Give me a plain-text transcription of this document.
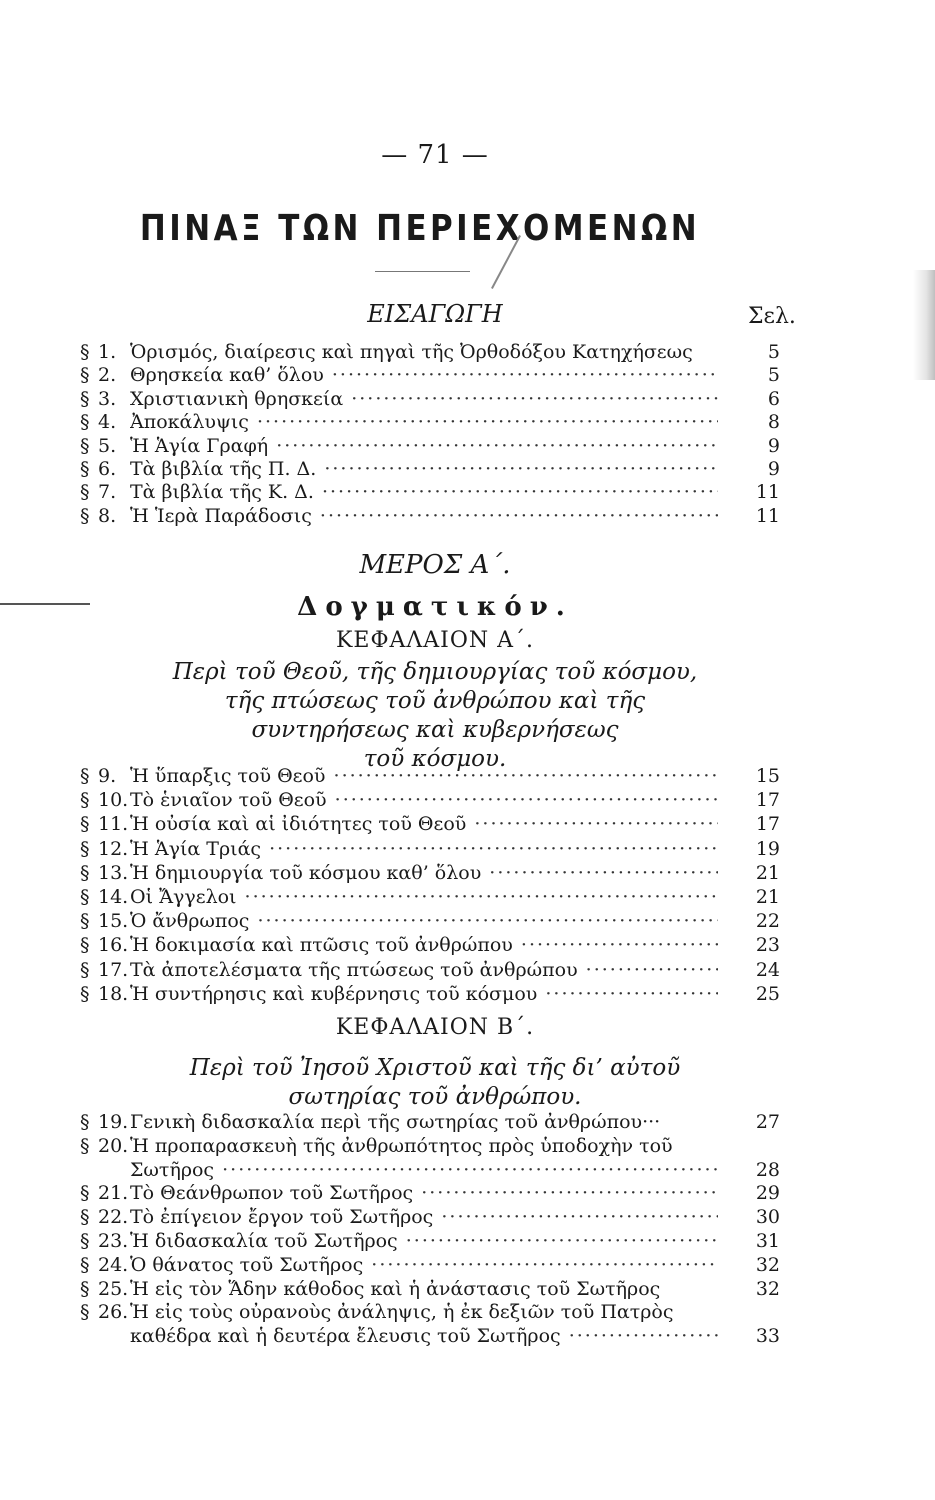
— 71 —
ΠΙΝΑΞ ΤΩΝ ΠΕΡΙΕΧΟΜΕΝΩΝ
ΕΙΣΑΓΩΓΗ	Σελ.
§ 1. Ὁρισμός, διαίρεσις καὶ πηγαὶ τῆς Ὀρθοδόξου Κατηχήσεως	5
§ 2. Θρησκεία καθ’ ὅλου ·····	5
§ 3. Χριστιανικὴ θρησκεία ·····	6
§ 4. Ἀποκάλυψις ·····	8
§ 5. Ἡ Ἁγία Γραφή ·····	9
§ 6. Τὰ βιβλία τῆς Π. Δ. ·····	9
§ 7. Τὰ βιβλία τῆς Κ. Δ. ·····	11
§ 8. Ἡ Ἱερὰ Παράδοσις ·····	11
ΜΕΡΟΣ Α΄.
Δογματικόν.
ΚΕΦΑΛΑΙΟΝ Α΄.
Περὶ τοῦ Θεοῦ, τῆς δημιουργίας τοῦ κόσμου,
τῆς πτώσεως τοῦ ἀνθρώπου καὶ τῆς
συντηρήσεως καὶ κυβερνήσεως
τοῦ κόσμου.
§ 9. Ἡ ὕπαρξις τοῦ Θεοῦ ·····	15
§ 10. Τὸ ἑνιαῖον τοῦ Θεοῦ ·····	17
§ 11. Ἡ οὐσία καὶ αἱ ἰδιότητες τοῦ Θεοῦ ·····	17
§ 12. Ἡ Ἁγία Τριάς ·····	19
§ 13. Ἡ δημιουργία τοῦ κόσμου καθ’ ὅλου ·····	21
§ 14. Οἱ Ἄγγελοι ·····	21
§ 15. Ὁ ἄνθρωπος ·····	22
§ 16. Ἡ δοκιμασία καὶ πτῶσις τοῦ ἀνθρώπου ·····	23
§ 17. Τὰ ἀποτελέσματα τῆς πτώσεως τοῦ ἀνθρώπου ·····	24
§ 18. Ἡ συντήρησις καὶ κυβέρνησις τοῦ κόσμου ·····	25
ΚΕΦΑΛΑΙΟΝ Β΄.
Περὶ τοῦ Ἰησοῦ Χριστοῦ καὶ τῆς δι’ αὐτοῦ
σωτηρίας τοῦ ἀνθρώπου.
§ 19. Γενικὴ διδασκαλία περὶ τῆς σωτηρίας τοῦ ἀνθρώπου···	27
§ 20. Ἡ προπαρασκευὴ τῆς ἀνθρωπότητος πρὸς ὑποδοχὴν τοῦ
Σωτῆρος ·····	28
§ 21. Τὸ Θεάνθρωπον τοῦ Σωτῆρος ·····	29
§ 22. Τὸ ἐπίγειον ἔργον τοῦ Σωτῆρος ·····	30
§ 23. Ἡ διδασκαλία τοῦ Σωτῆρος ·····	31
§ 24. Ὁ θάνατος τοῦ Σωτῆρος ·····	32
§ 25. Ἡ εἰς τὸν Ἅδην κάθοδος καὶ ἡ ἀνάστασις τοῦ Σωτῆρος	32
§ 26. Ἡ εἰς τοὺς οὐρανοὺς ἀνάληψις, ἡ ἐκ δεξιῶν τοῦ Πατρὸς
καθέδρα καὶ ἡ δευτέρα ἔλευσις τοῦ Σωτῆρος ·····	33
